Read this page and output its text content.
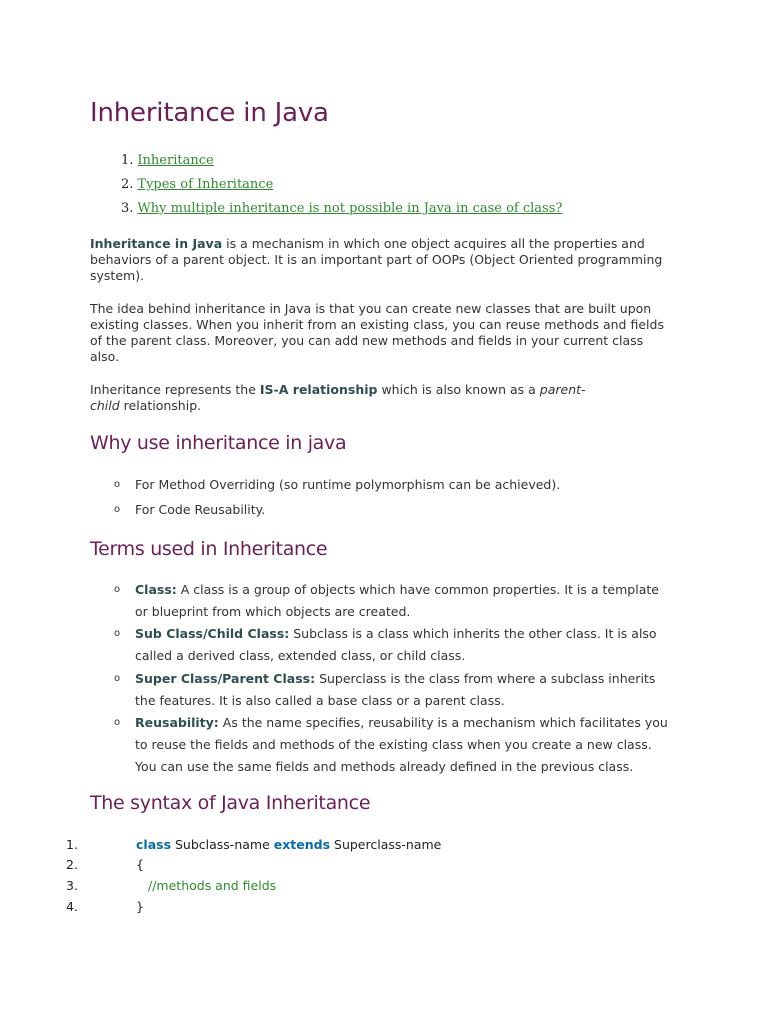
Inheritance in Java
1. Inheritance
2. Types of Inheritance
3. Why multiple inheritance is not possible in Java in case of class?

Inheritance in Java is a mechanism in which one object acquires all the properties and
behaviors of a parent object. It is an important part of OOPs (Object Oriented programming
system).

The idea behind inheritance in Java is that you can create new classes that are built upon
existing classes. When you inherit from an existing class, you can reuse methods and fields
of the parent class. Moreover, you can add new methods and fields in your current class
also.

Inheritance represents the IS-A relationship which is also known as a parent-
child relationship.

Why use inheritance in java
o For Method Overriding (so runtime polymorphism can be achieved).
o For Code Reusability.
Terms used in Inheritance
o Class: A class is a group of objects which have common properties. It is a template
or blueprint from which objects are created.
o Sub Class/Child Class: Subclass is a class which inherits the other class. It is also
called a derived class, extended class, or child class.
o Super Class/Parent Class: Superclass is the class from where a subclass inherits
the features. It is also called a base class or a parent class.
o Reusability: As the name specifies, reusability is a mechanism which facilitates you
to reuse the fields and methods of the existing class when you create a new class.
You can use the same fields and methods already defined in the previous class.
The syntax of Java Inheritance
1.	class Subclass-name extends Superclass-name
2.	{
3.	//methods and fields
4.	}
